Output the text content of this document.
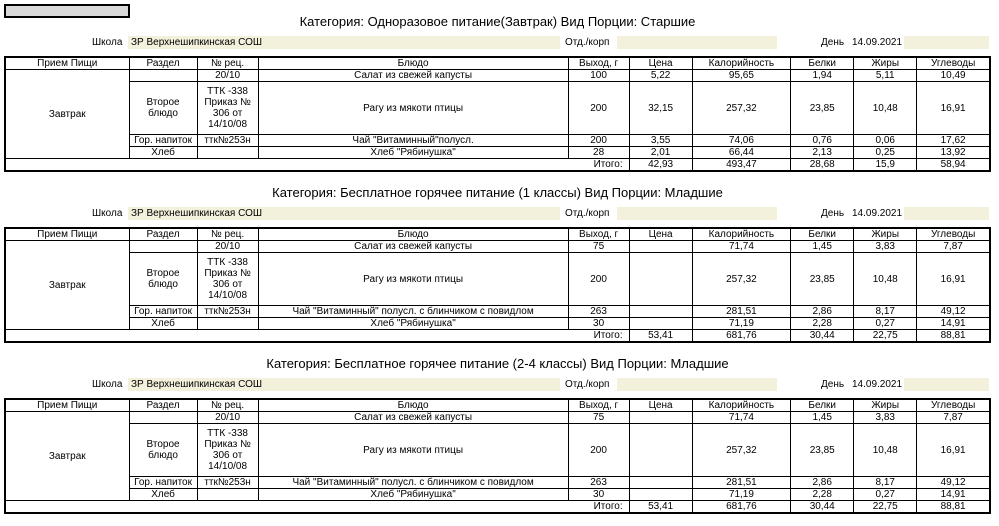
Категория: Одноразовое питание(Завтрак) Вид Порции: Старшие
Школа ЗР Верхнешипкинская СОШ	Отд./корп	День 14.09.2021
Прием Пищи	Раздел	№ рец.	Блюдо	Выход, г	Цена	Калорийность	Белки	Жиры	Углеводы
Завтрак		20/10	Салат из свежей капусты	100	5,22	95,65	1,94	5,11	10,49
	Второе блюдо	ТТК -338 Приказ № 306 от 14/10/08	Рагу из мякоти птицы	200	32,15	257,32	23,85	10,48	16,91
	Гор. напиток	ттк№253н	Чай "Витаминный"полусл.	200	3,55	74,06	0,76	0,06	17,62
	Хлеб		Хлеб "Рябинушка"	28	2,01	66,44	2,13	0,25	13,92
Итого:					42,93	493,47	28,68	15,9	58,94
Категория: Бесплатное горячее питание (1 классы) Вид Порции: Младшие
Школа ЗР Верхнешипкинская СОШ	Отд./корп	День 14.09.2021
Прием Пищи	Раздел	№ рец.	Блюдо	Выход, г	Цена	Калорийность	Белки	Жиры	Углеводы
Завтрак		20/10	Салат из свежей капусты	75		71,74	1,45	3,83	7,87
	Второе блюдо	ТТК -338 Приказ № 306 от 14/10/08	Рагу из мякоти птицы	200		257,32	23,85	10,48	16,91
	Гор. напиток	ттк№253н	Чай "Витаминный" полусл. с блинчиком с повидлом	263		281,51	2,86	8,17	49,12
	Хлеб		Хлеб "Рябинушка"	30		71,19	2,28	0,27	14,91
Итого:					53,41	681,76	30,44	22,75	88,81
Категория: Бесплатное горячее питание (2-4 классы) Вид Порции: Младшие
Школа ЗР Верхнешипкинская СОШ	Отд./корп	День 14.09.2021
Прием Пищи	Раздел	№ рец.	Блюдо	Выход, г	Цена	Калорийность	Белки	Жиры	Углеводы
Завтрак		20/10	Салат из свежей капусты	75		71,74	1,45	3,83	7,87
	Второе блюдо	ТТК -338 Приказ № 306 от 14/10/08	Рагу из мякоти птицы	200		257,32	23,85	10,48	16,91
	Гор. напиток	ттк№253н	Чай "Витаминный" полусл. с блинчиком с повидлом	263		281,51	2,86	8,17	49,12
	Хлеб		Хлеб "Рябинушка"	30		71,19	2,28	0,27	14,91
Итого:					53,41	681,76	30,44	22,75	88,81
